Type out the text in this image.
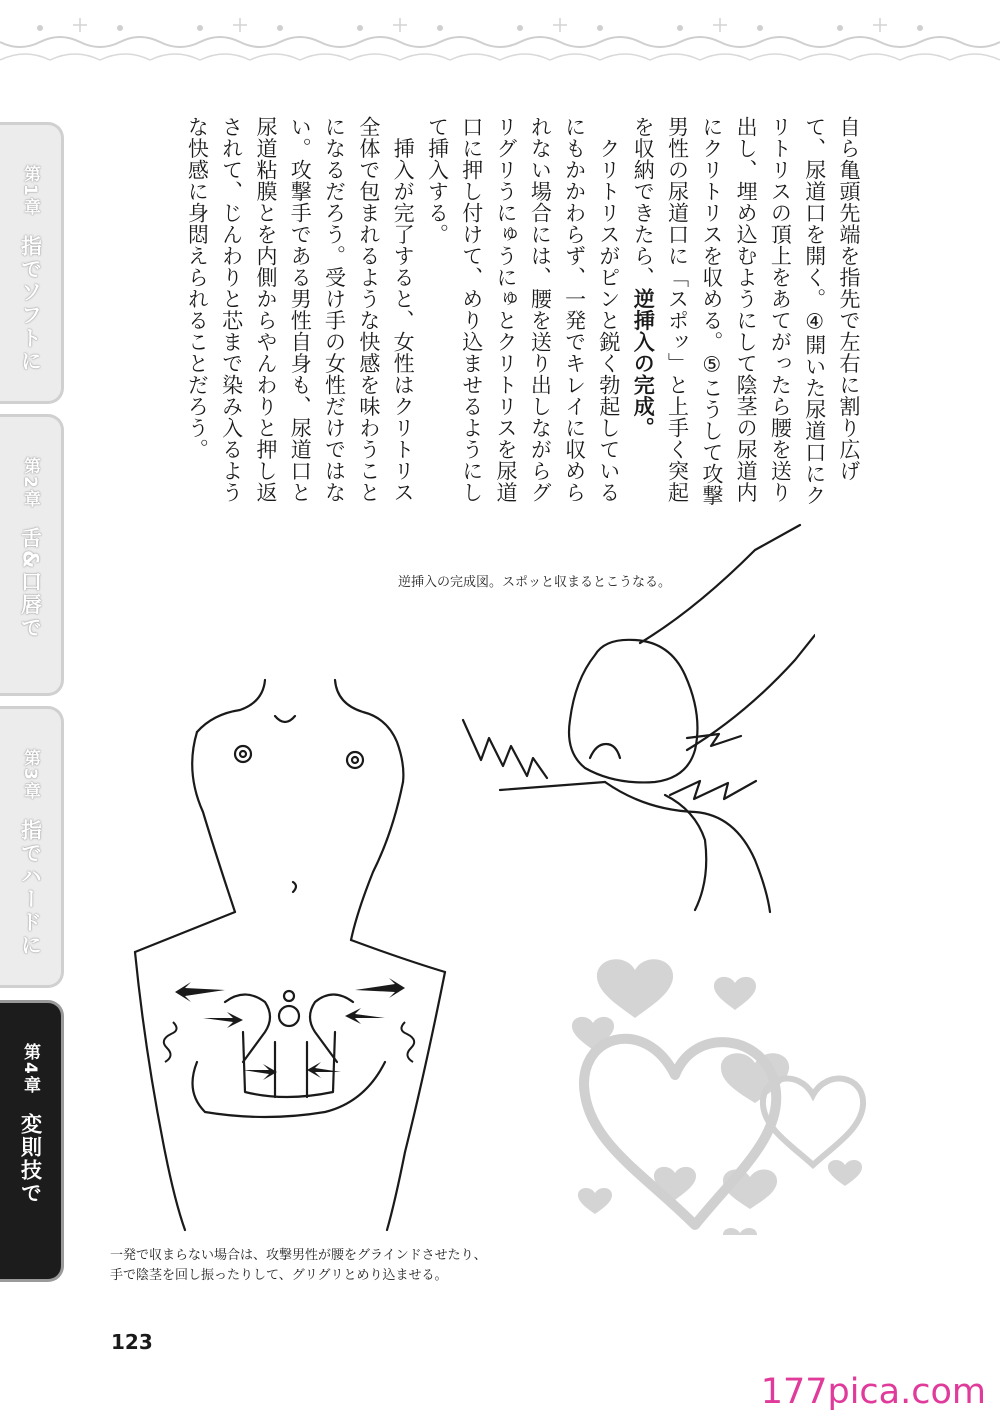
第1章
指でソフトに
第2章
舌&口唇で
第3章
指でハードに
第4章
変則技で

自ら亀頭先端を指先で左右に割り広げて、尿道口を開く。④開いた尿道口にクリトリスの頂上をあてがったら腰を送り出し、埋め込むようにして陰茎の尿道内にクリトリスを収める。⑤こうして攻撃男性の尿道口に「スポッ」と上手く突起を収納できたら、逆挿入の完成。

　クリトリスがピンと鋭く勃起しているにもかかわらず、一発でキレイに収められない場合には、腰を送り出しながらグリグリうにゅうにゅとクリトリスを尿道口に押し付けて、めり込ませるようにして挿入する。

　挿入が完了すると、女性はクリトリス全体で包まれるような快感を味わうことになるだろう。受け手の女性だけではない。攻撃手である男性自身も、尿道口と尿道粘膜とを内側からやんわりと押し返されて、じんわりと芯まで染み入るような快感に身悶えられることだろう。

逆挿入の完成図。スポッと収まるとこうなる。
一発で収まらない場合は、攻撃男性が腰をグラインドさせたり、手で陰茎を回し振ったりして、グリグリとめり込ませる。
123
177pica.com
